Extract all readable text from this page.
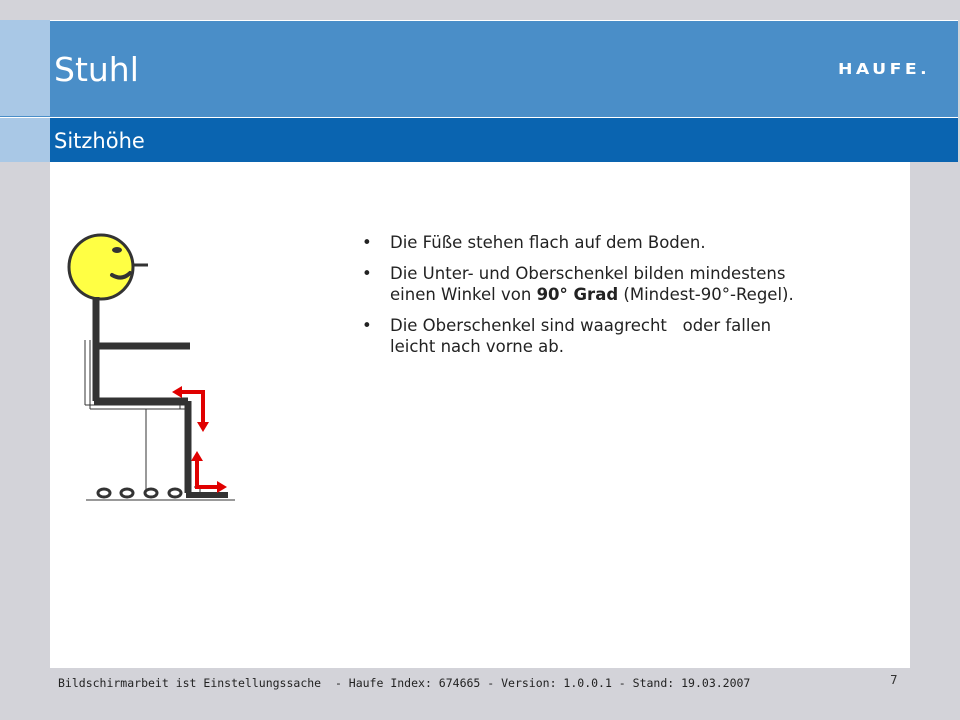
Stuhl
Sitzhöhe
HAUFE.
• Die Füße stehen flach auf dem Boden.
• Die Unter- und Oberschenkel bilden mindestens einen Winkel von 90° Grad (Mindest-90°-Regel).
• Die Oberschenkel sind waagrecht   oder fallen leicht nach vorne ab.
Bildschirmarbeit ist Einstellungssache  - Haufe Index: 674665 - Version: 1.0.0.1 - Stand: 19.03.2007	7
